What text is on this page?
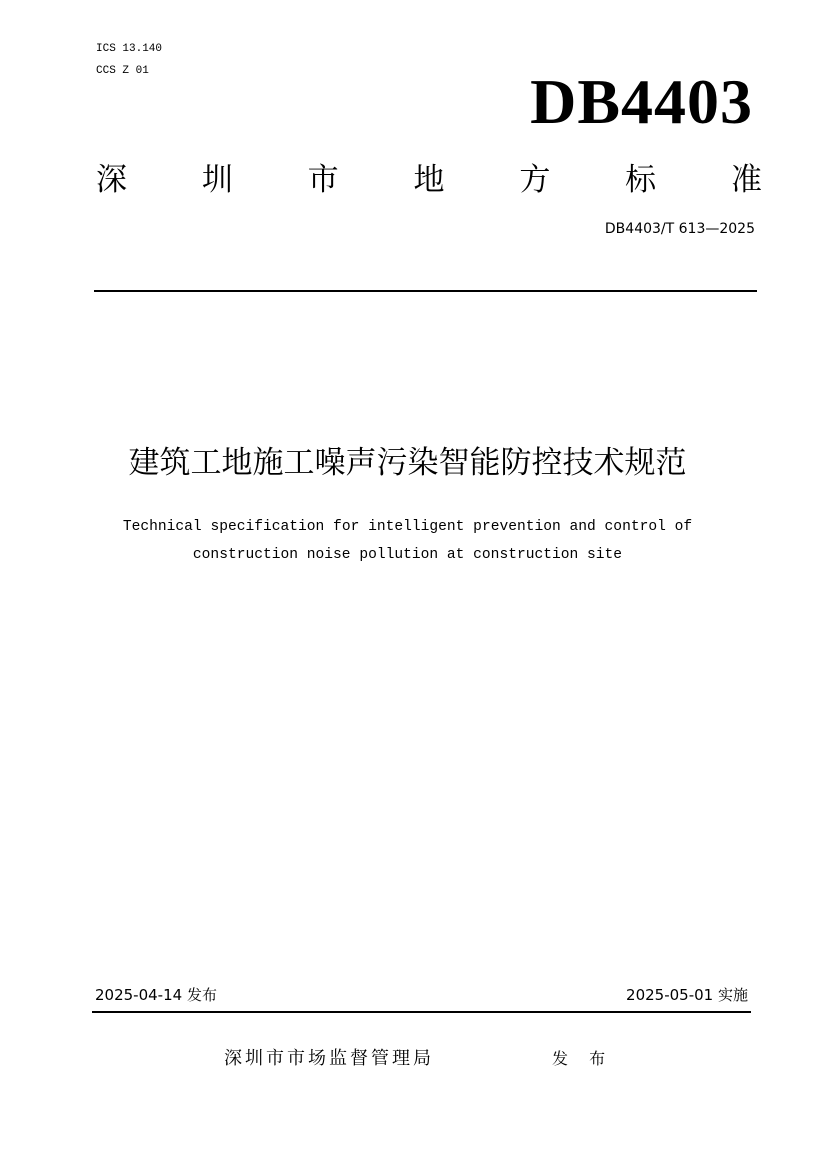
ICS 13.140
CCS Z 01	DB4403
深 圳 市 地 方 标 准
DB4403/T 613—2025
建筑工地施工噪声污染智能防控技术规范
Technical specification for intelligent prevention and control of
construction noise pollution at construction site
2025-04-14 发布	2025-05-01 实施
深圳市市场监督管理局	发 布
